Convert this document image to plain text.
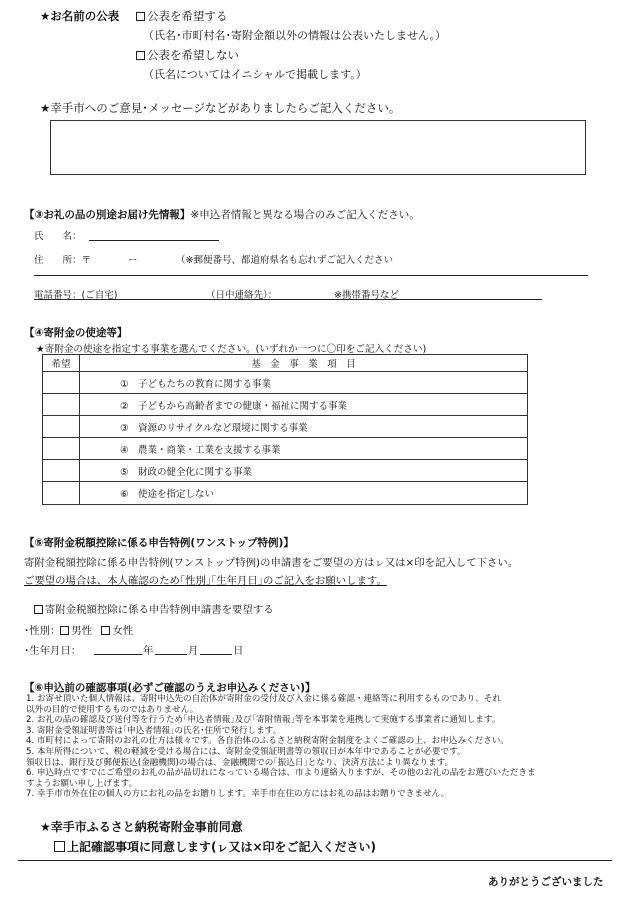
★お名前の公表	公表を希望する
（氏名･市町村名･寄附金額以外の情報は公表いたしません。）
公表を希望しない
（氏名についてはイニシャルで掲載します。）
★幸手市へのご意見･メッセージなどがありましたらご記入ください。
【③お礼の品の別途お届け先情報】※申込者情報と異なる場合のみご記入ください。
氏　　名：
住　　所：〒	ー	（※郵便番号、都道府県名も忘れずご記入ください
電話番号：(ご自宅)	（日中連絡先）：	※携帯番号など
【④寄附金の使途等】
★寄附金の使途を指定する事業を選んでください。(いずれか一つに〇印をご記入ください)
希望	基　金　事　業　項　目
	①　子どもたちの教育に関する事業
	②　子どもから高齢者までの健康・福祉に関する事業
	③　資源のリサイクルなど環境に関する事業
	④　農業・商業・工業を支援する事業
	⑤　財政の健全化に関する事業
	⑥　使途を指定しない
【⑤寄附金税額控除に係る申告特例(ワンストップ特例)】
寄附金税額控除に係る申告特例(ワンストップ特例)の申請書をご要望の方はㇾ又は×印を記入して下さい。
ご要望の場合は、本人確認のため｢性別｣｢生年月日｣のご記入をお願いします。
寄附金税額控除に係る申告特例申請書を要望する
･性別： 男性 女性
･生年月日：	年	月	日
【⑥申込前の確認事項(必ずご確認のうえお申込みください)】
1. お寄せ頂いた個人情報は、寄附申込先の自治体が寄附金の受付及び入金に係る確認・連絡等に利用するものであり、それ
以外の目的で使用するものではありません。
2. お礼の品の確認及び送付等を行うため｢申込者情報｣及び｢寄附情報｣等を本事業を連携して実施する事業者に通知します。
3. 寄附金受領証明書等は｢申込者情報｣の氏名･住所で発行します。
4. 市町村によって寄附のお礼の仕方は様々です。各自治体のふるさと納税寄附金制度をよくご確認の上、お申込みください。
5. 本年所得について、税の軽減を受ける場合には、寄附金受領証明書等の領収日が本年中であることが必要です。
領収日は、銀行及び郵便振込(金融機関)の場合は、金融機関での｢振込日｣となり、決済方法により異なります。
6. 申込時点ですでにご希望のお礼の品が品切れになっている場合は、市より連絡入りますが、その他のお礼の品をお選びいただきま
すようお願い申し上げます。
7. 幸手市市外在住の個人の方にお礼の品をお贈りします。幸手市在住の方にはお礼の品はお贈りできません。
★幸手市ふるさと納税寄附金事前同意
上記確認事項に同意します(ㇾ又は×印をご記入ください)
ありがとうございました
